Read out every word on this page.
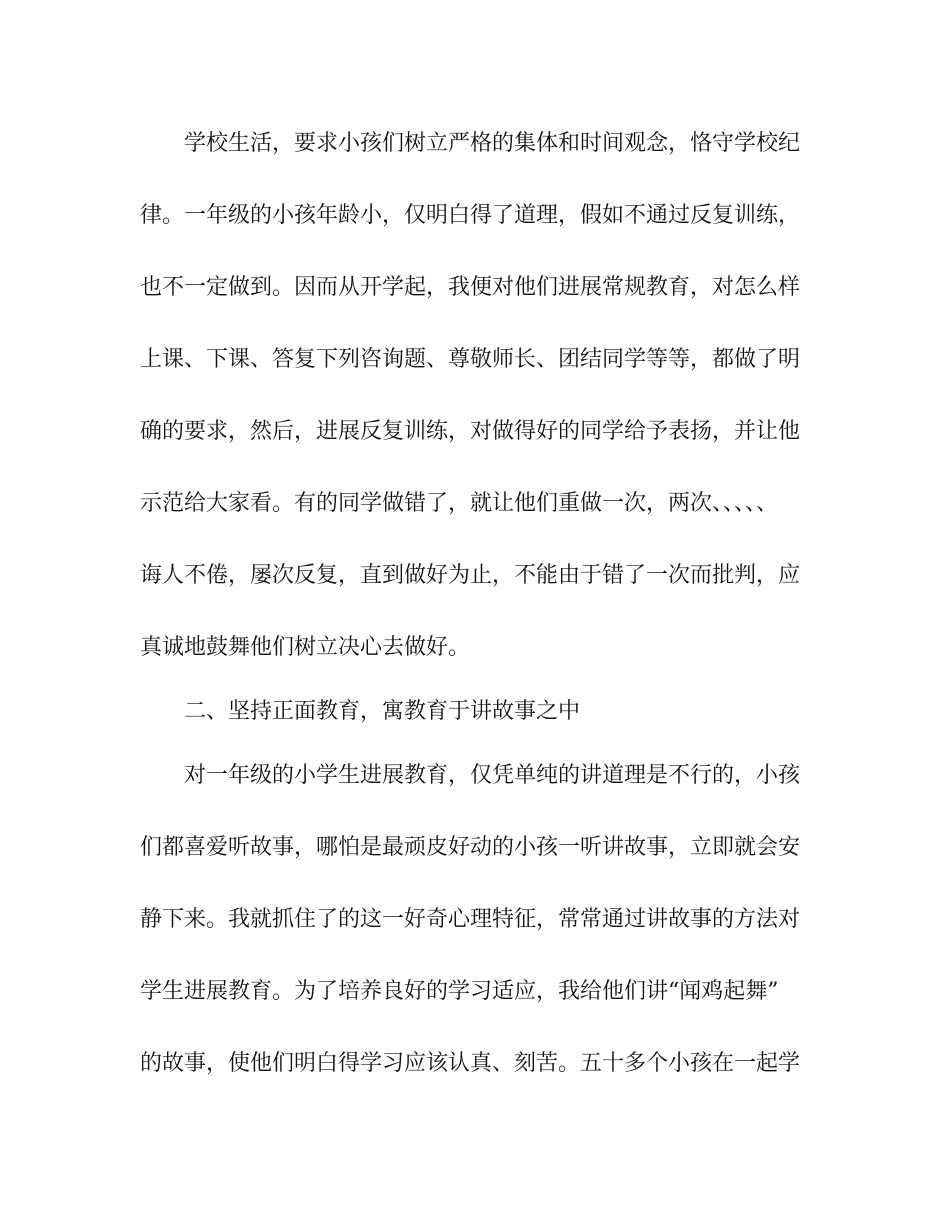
学校生活，要求小孩们树立严格的集体和时间观念，恪守学校纪

律。一年级的小孩年龄小，仅明白得了道理，假如不通过反复训练，

也不一定做到。因而从开学起，我便对他们进展常规教育，对怎么样

上课、下课、答复下列咨询题、尊敬师长、团结同学等等，都做了明

确的要求，然后，进展反复训练，对做得好的同学给予表扬，并让他

示范给大家看。有的同学做错了，就让他们重做一次，两次、、、、、

诲人不倦，屡次反复，直到做好为止，不能由于错了一次而批判，应

真诚地鼓舞他们树立决心去做好。

二、坚持正面教育，寓教育于讲故事之中

对一年级的小学生进展教育，仅凭单纯的讲道理是不行的，小孩

们都喜爱听故事，哪怕是最顽皮好动的小孩一听讲故事，立即就会安

静下来。我就抓住了的这一好奇心理特征，常常通过讲故事的方法对

学生进展教育。为了培养良好的学习适应，我给他们讲“闻鸡起舞”

的故事，使他们明白得学习应该认真、刻苦。五十多个小孩在一起学
